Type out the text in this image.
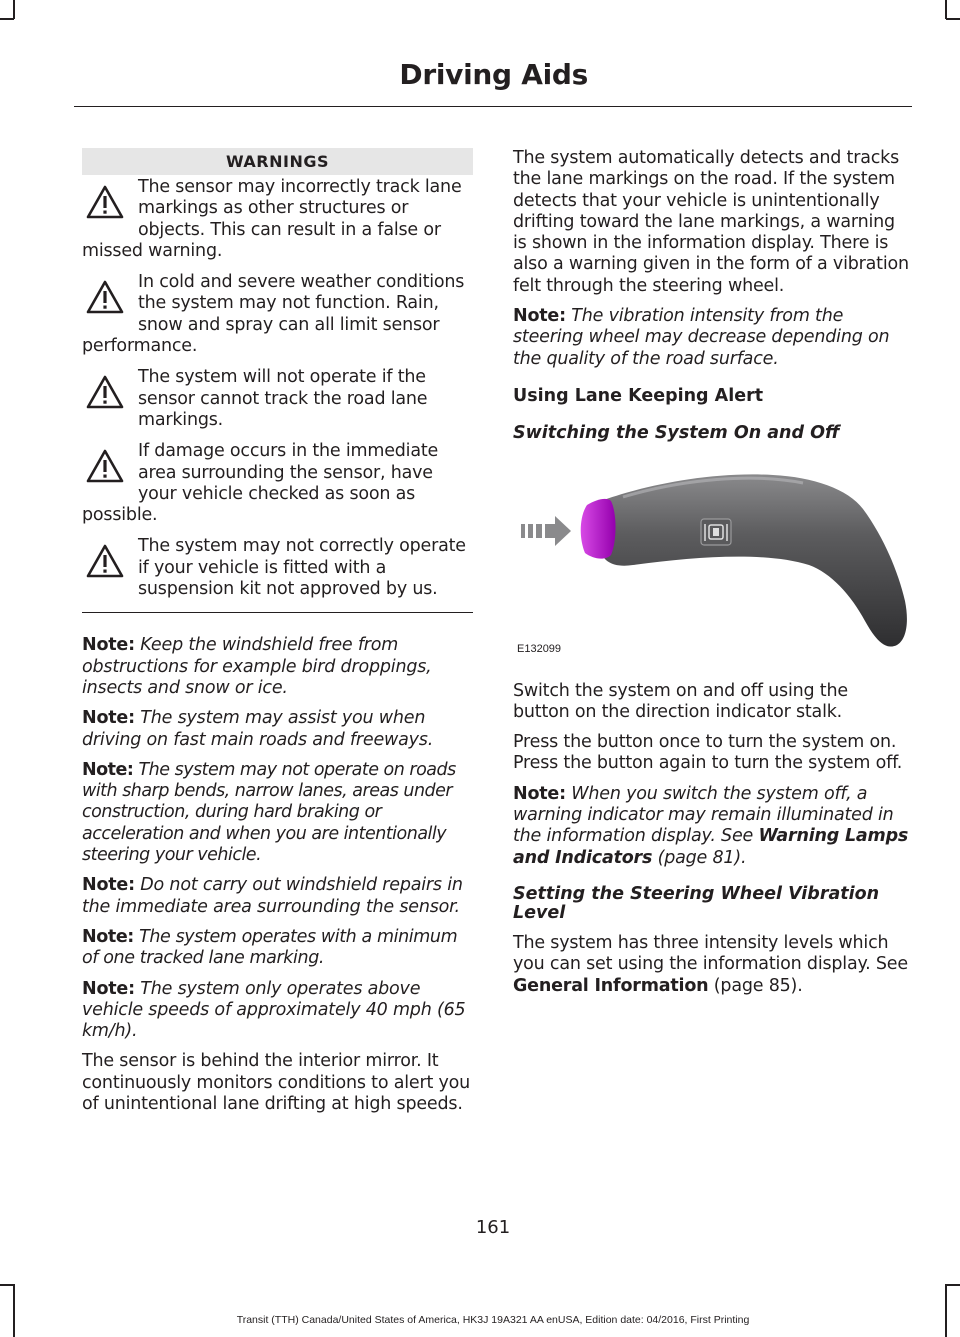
Driving Aids
WARNINGS
The sensor may incorrectly track lane markings as other structures or objects. This can result in a false or missed warning.
In cold and severe weather conditions the system may not function. Rain, snow and spray can all limit sensor performance.
The system will not operate if the sensor cannot track the road lane markings.
If damage occurs in the immediate area surrounding the sensor, have your vehicle checked as soon as possible.
The system may not correctly operate if your vehicle is fitted with a suspension kit not approved by us.

Note: Keep the windshield free from obstructions for example bird droppings, insects and snow or ice.

Note: The system may assist you when driving on fast main roads and freeways.

Note: The system may not operate on roads with sharp bends, narrow lanes, areas under construction, during hard braking or acceleration and when you are intentionally steering your vehicle.

Note: Do not carry out windshield repairs in the immediate area surrounding the sensor.

Note: The system operates with a minimum of one tracked lane marking.

Note: The system only operates above vehicle speeds of approximately 40 mph (65 km/h).

The sensor is behind the interior mirror. It continuously monitors conditions to alert you of unintentional lane drifting at high speeds.

The system automatically detects and tracks the lane markings on the road. If the system detects that your vehicle is unintentionally drifting toward the lane markings, a warning is shown in the information display. There is also a warning given in the form of a vibration felt through the steering wheel.

Note: The vibration intensity from the steering wheel may decrease depending on the quality of the road surface.

Using Lane Keeping Alert
Switching the System On and Off
E132099

Switch the system on and off using the button on the direction indicator stalk.

Press the button once to turn the system on. Press the button again to turn the system off.

Note: When you switch the system off, a warning indicator may remain illuminated in the information display. See Warning Lamps and Indicators (page 81).

Setting the Steering Wheel Vibration Level

The system has three intensity levels which you can set using the information display. See General Information (page 85).

161
Transit (TTH) Canada/United States of America, HK3J 19A321 AA enUSA, Edition date: 04/2016, First Printing
